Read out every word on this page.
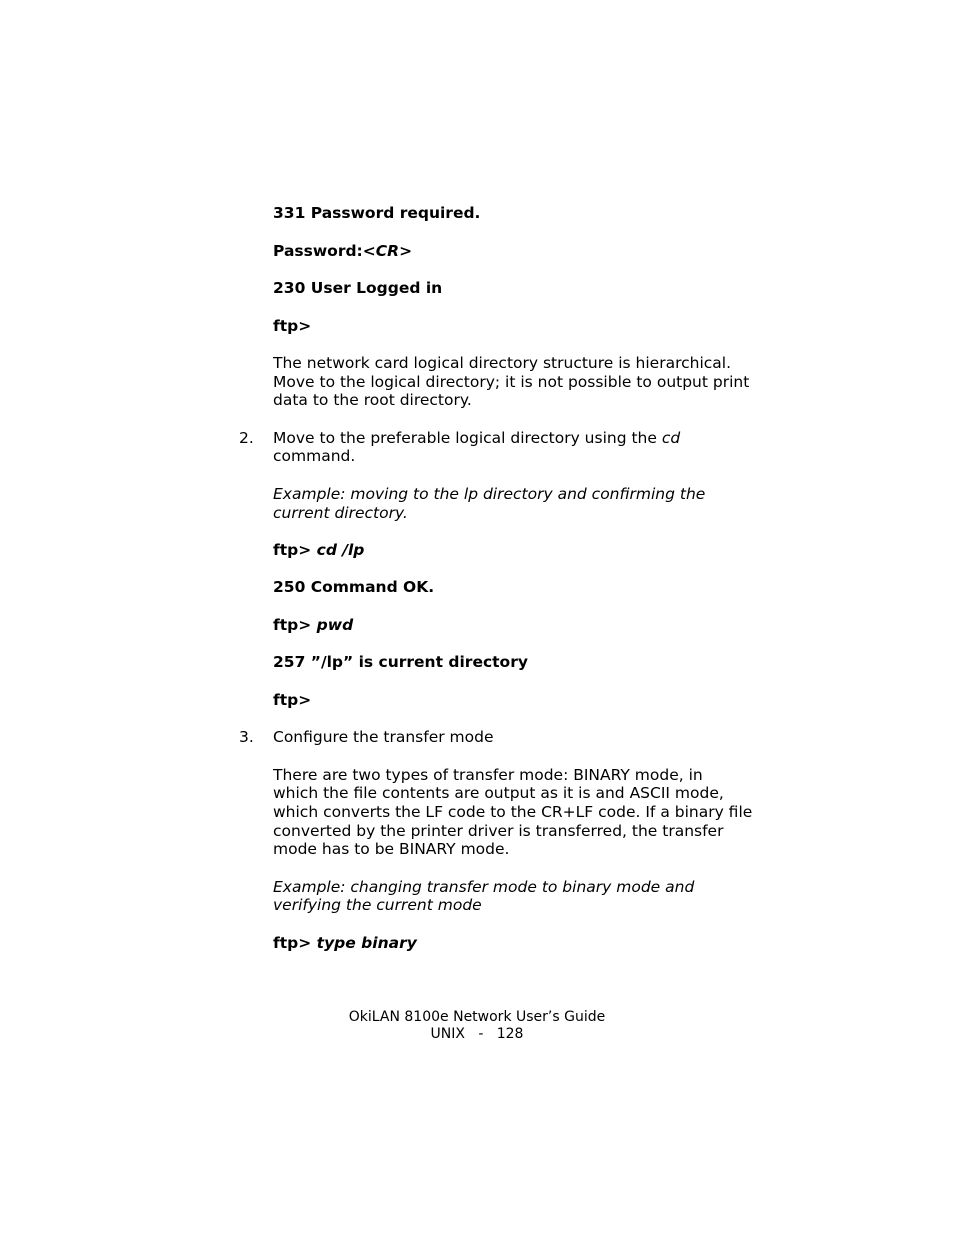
331 Password required.
Password:<CR>
230 User Logged in
ftp>
The network card logical directory structure is hierarchical.
Move to the logical directory; it is not possible to output print
data to the root directory.
2. Move to the preferable logical directory using the cd
command.
Example: moving to the lp directory and confirming the
current directory.
ftp> cd /lp
250 Command OK.
ftp> pwd
257 ”/lp” is current directory
ftp>
3. Configure the transfer mode
There are two types of transfer mode: BINARY mode, in
which the file contents are output as it is and ASCII mode,
which converts the LF code to the CR+LF code. If a binary file
converted by the printer driver is transferred, the transfer
mode has to be BINARY mode.
Example: changing transfer mode to binary mode and
verifying the current mode
ftp> type binary
OkiLAN 8100e Network User’s Guide
UNIX   -   128
